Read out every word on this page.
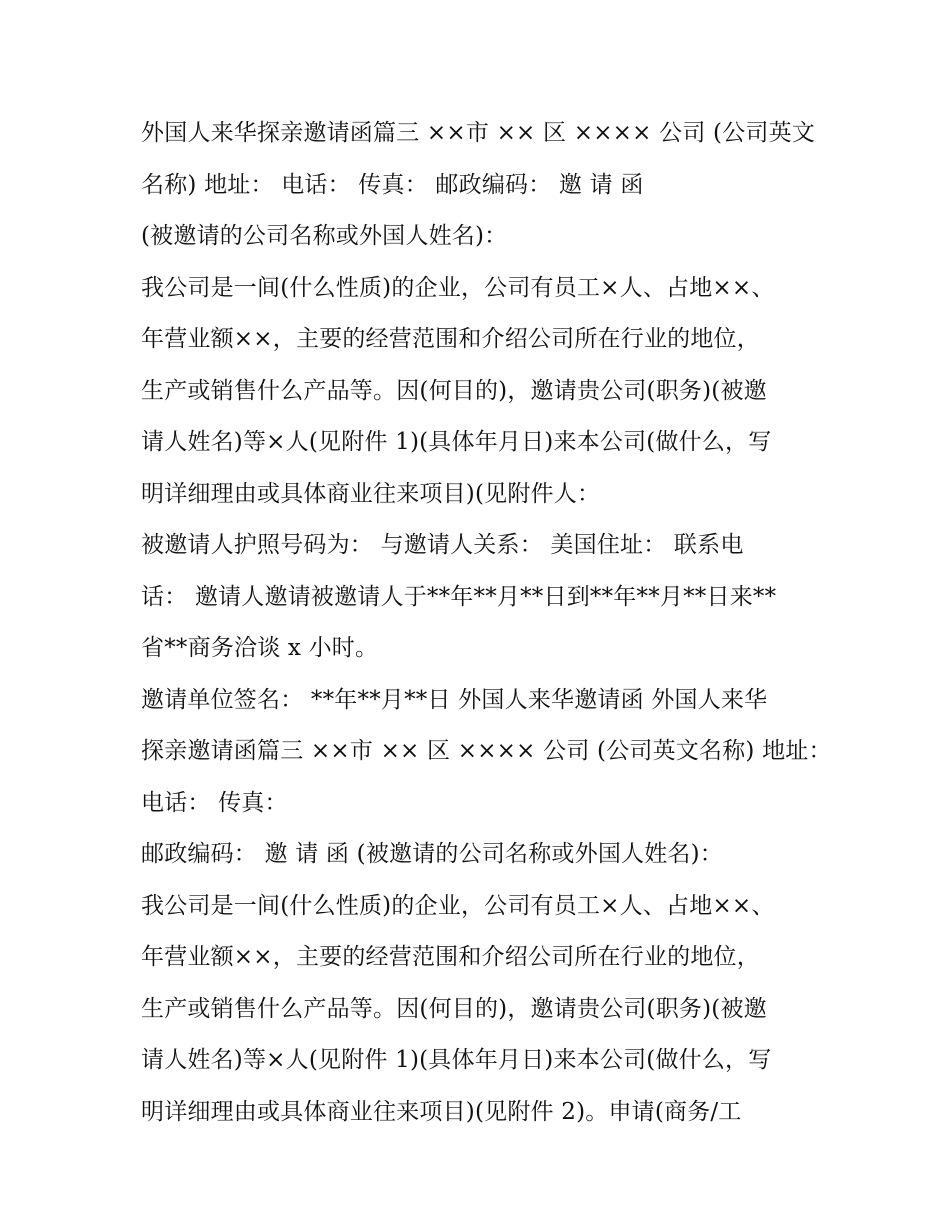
外国人来华探亲邀请函篇三 ××市 ×× 区 ×××× 公司 (公司英文
名称) 地址： 电话： 传真： 邮政编码： 邀 请 函
(被邀请的公司名称或外国人姓名)：
我公司是一间(什么性质)的企业，公司有员工×人、占地××、
年营业额××，主要的经营范围和介绍公司所在行业的地位，
生产或销售什么产品等。因(何目的)，邀请贵公司(职务)(被邀
请人姓名)等×人(见附件 1)(具体年月日)来本公司(做什么，写
明详细理由或具体商业往来项目)(见附件人：
被邀请人护照号码为： 与邀请人关系： 美国住址： 联系电
话： 邀请人邀请被邀请人于**年**月**日到**年**月**日来**
省**商务洽谈 x 小时。
邀请单位签名： **年**月**日 外国人来华邀请函 外国人来华
探亲邀请函篇三 ××市 ×× 区 ×××× 公司 (公司英文名称) 地址：
电话： 传真：
邮政编码： 邀 请 函 (被邀请的公司名称或外国人姓名)：
我公司是一间(什么性质)的企业，公司有员工×人、占地××、
年营业额××，主要的经营范围和介绍公司所在行业的地位，
生产或销售什么产品等。因(何目的)，邀请贵公司(职务)(被邀
请人姓名)等×人(见附件 1)(具体年月日)来本公司(做什么，写
明详细理由或具体商业往来项目)(见附件 2)。申请(商务/工
